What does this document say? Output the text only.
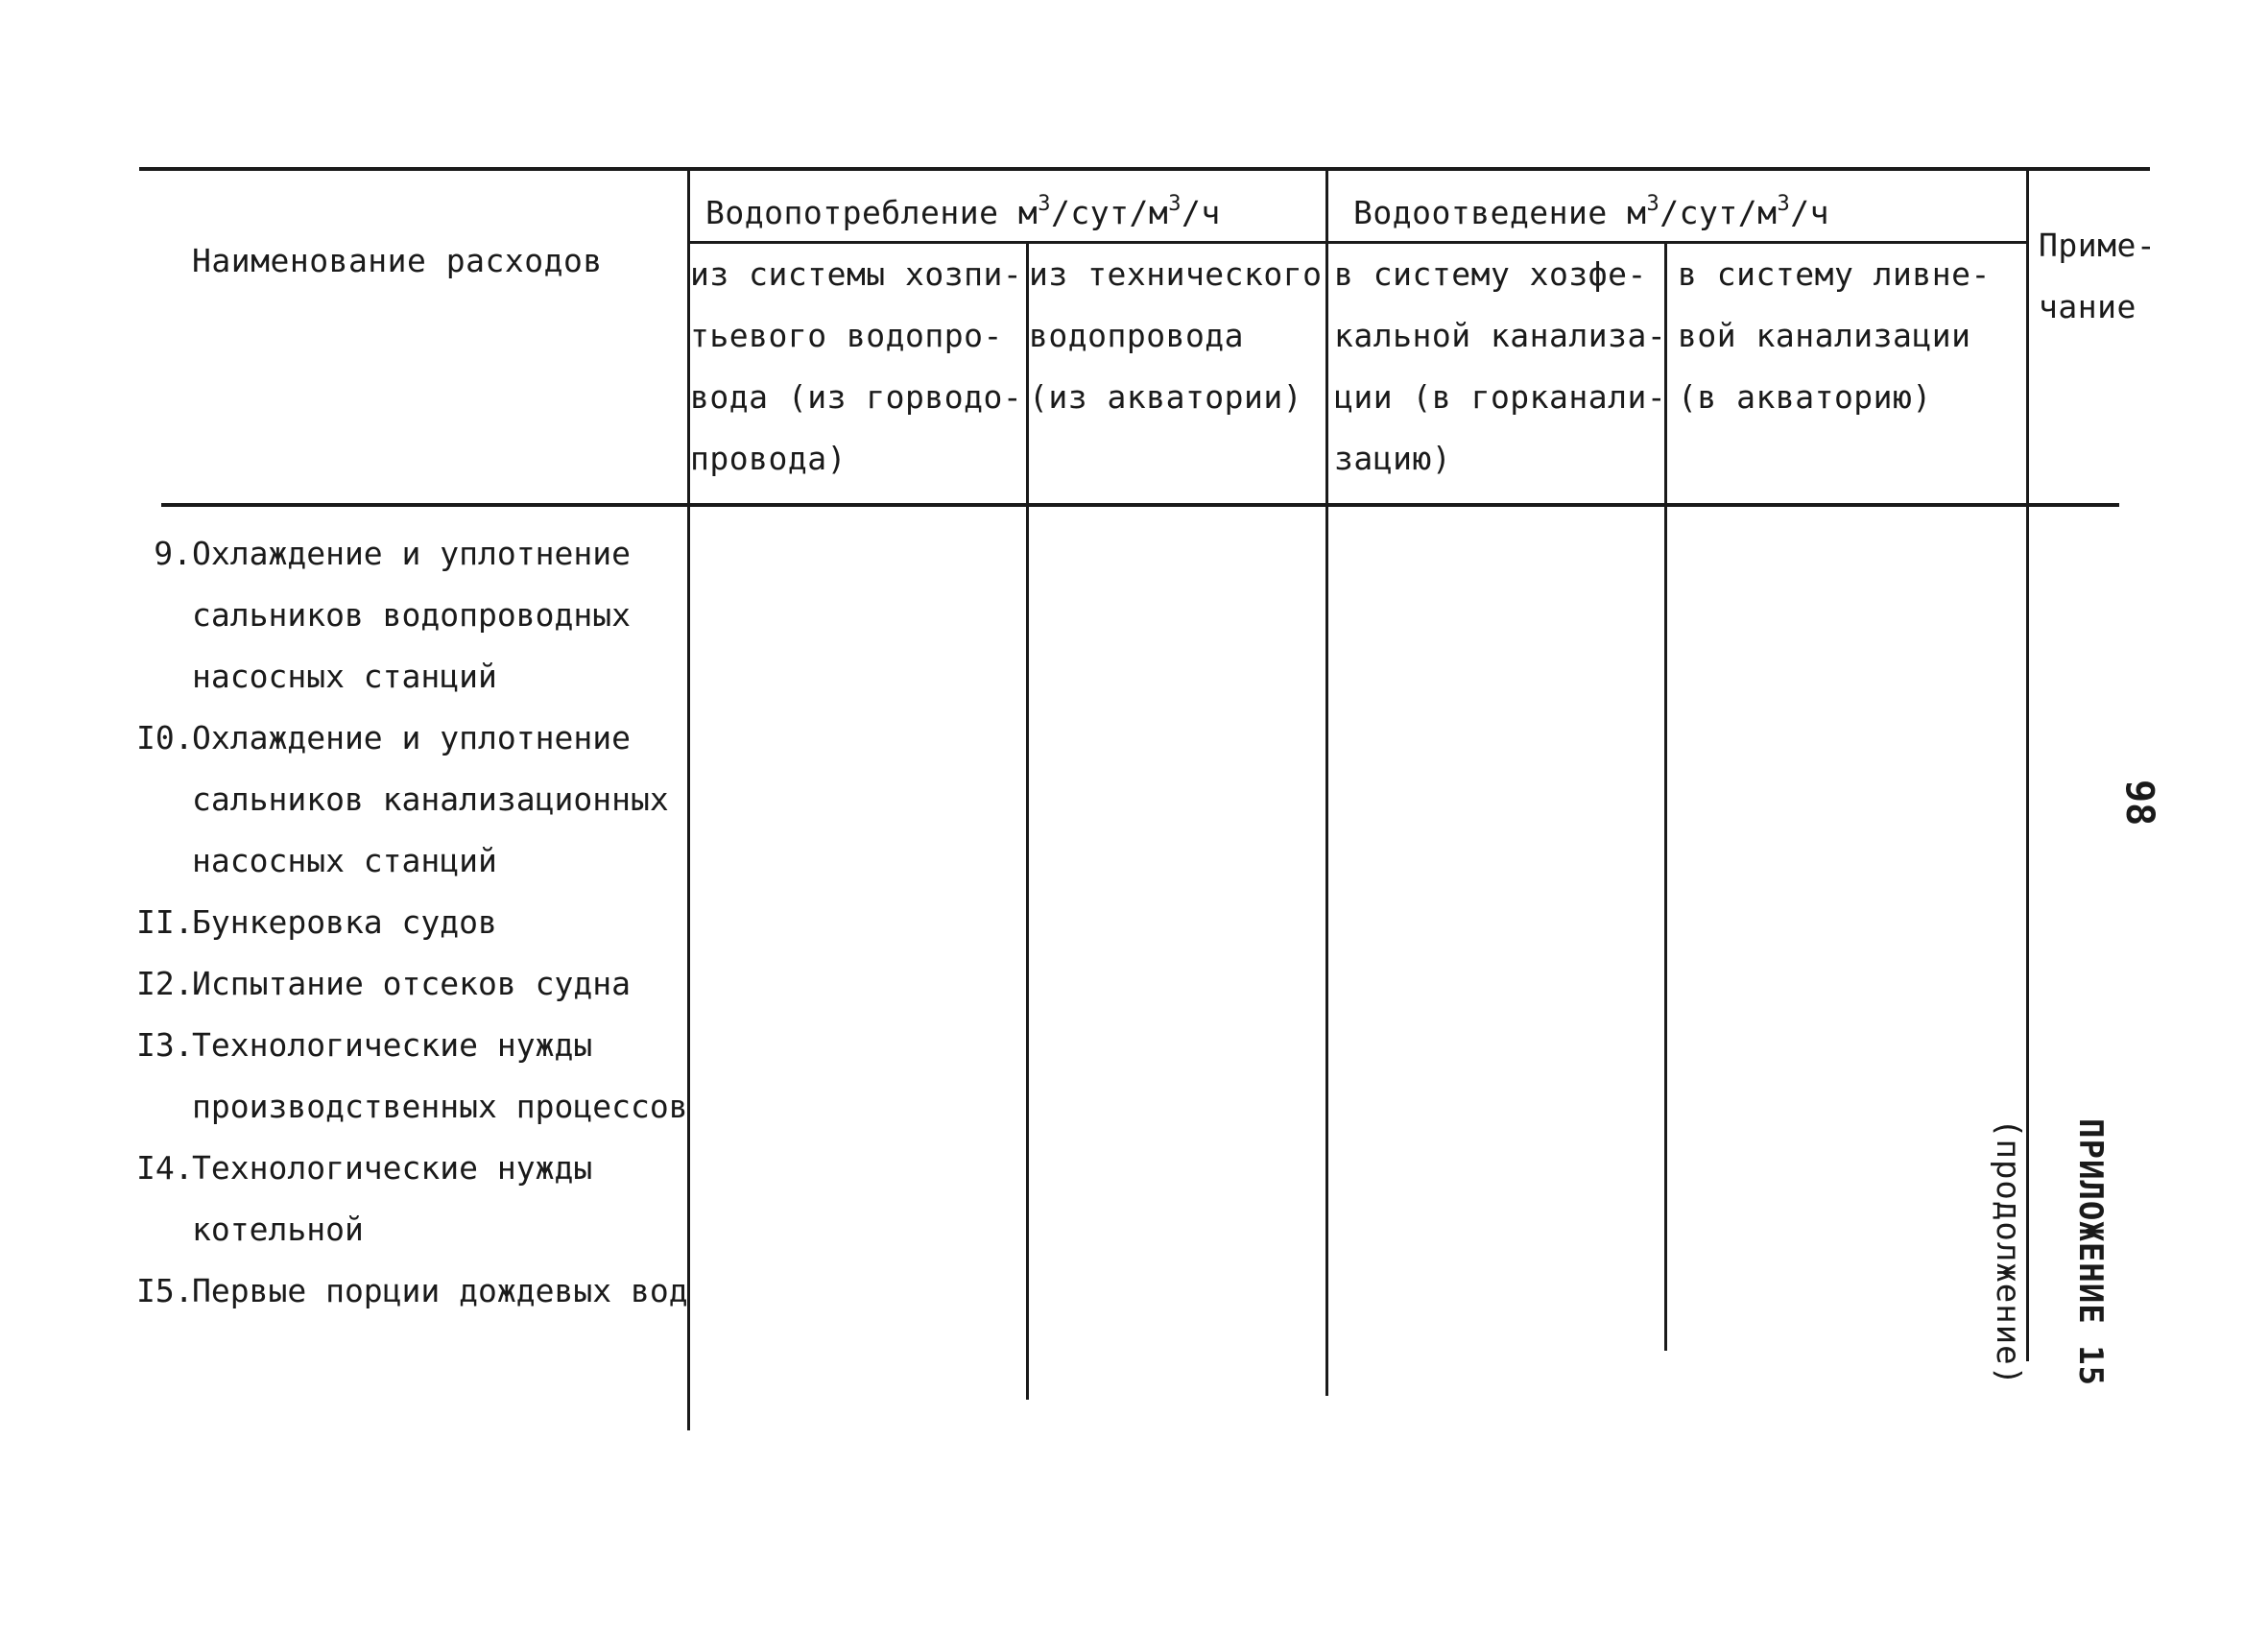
Наименование расходов
Водопотребление $м^3/сут/м^3/ч$	Водоотведение $м^3/сут/м^3/ч$
из системы хозпи-
тьевого водопро-
вода (из горводо-
провода)
из технического
водопровода
(из акватории)
в систему хозфе-
кальной канализа-
ции (в горканали-
зацию)
в систему ливне-
вой канализации
(в акваторию)
Приме-
чание
9. Охлаждение и уплотнение
сальников водопроводных
насосных станций
I0.
Охлаждение и уплотнение
сальников канализационных
насосных станций
II.
Бункеровка судов
I2.
Испытание отсеков судна
I3.
Технологические нужды
производственных процессов
I4.
Технологические нужды
котельной
I5.
Первые порции дождевых вод	ПРИЛОЖЕНИЕ 15
(продолжение)
98
